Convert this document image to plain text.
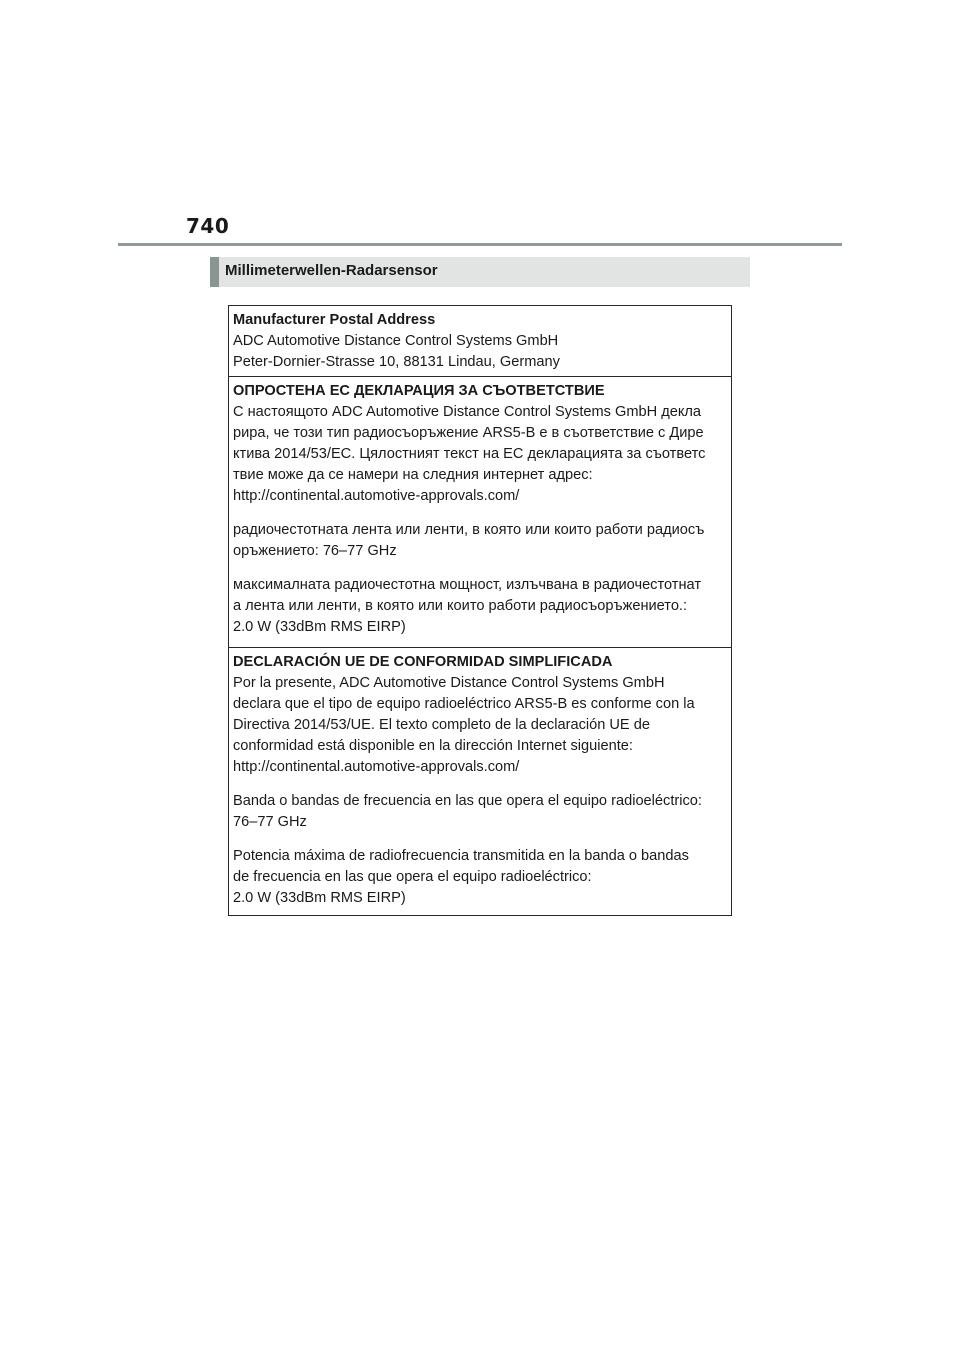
740
Millimeterwellen-Radarsensor
Manufacturer Postal Address
ADC Automotive Distance Control Systems GmbH
Peter-Dornier-Strasse 10, 88131 Lindau, Germany
ОПРОСТЕНА ЕС ДЕКЛАРАЦИЯ ЗА СЪОТВЕТСТВИЕ
С настоящото ADC Automotive Distance Control Systems GmbH декла
рира, че този тип радиосъоръжение ARS5-B е в съответствие с Дире
ктива 2014/53/ЕС. Цялостният текст на ЕС декларацията за съответс
твие може да се намери на следния интернет адрес:
http://continental.automotive-approvals.com/
радиочестотната лента или ленти, в която или които работи радиосъ
оръжението: 76–77 GHz
максималната радиочестотна мощност, излъчвана в радиочестотнат
а лента или ленти, в която или които работи радиосъоръжението.:
2.0 W (33dBm RMS EIRP)
DECLARACIÓN UE DE CONFORMIDAD SIMPLIFICADA
Por la presente, ADC Automotive Distance Control Systems GmbH
declara que el tipo de equipo radioeléctrico ARS5-B es conforme con la
Directiva 2014/53/UE. El texto completo de la declaración UE de
conformidad está disponible en la dirección Internet siguiente:
http://continental.automotive-approvals.com/
Banda o bandas de frecuencia en las que opera el equipo radioeléctrico:
76–77 GHz
Potencia máxima de radiofrecuencia transmitida en la banda o bandas
de frecuencia en las que opera el equipo radioeléctrico:
2.0 W (33dBm RMS EIRP)
